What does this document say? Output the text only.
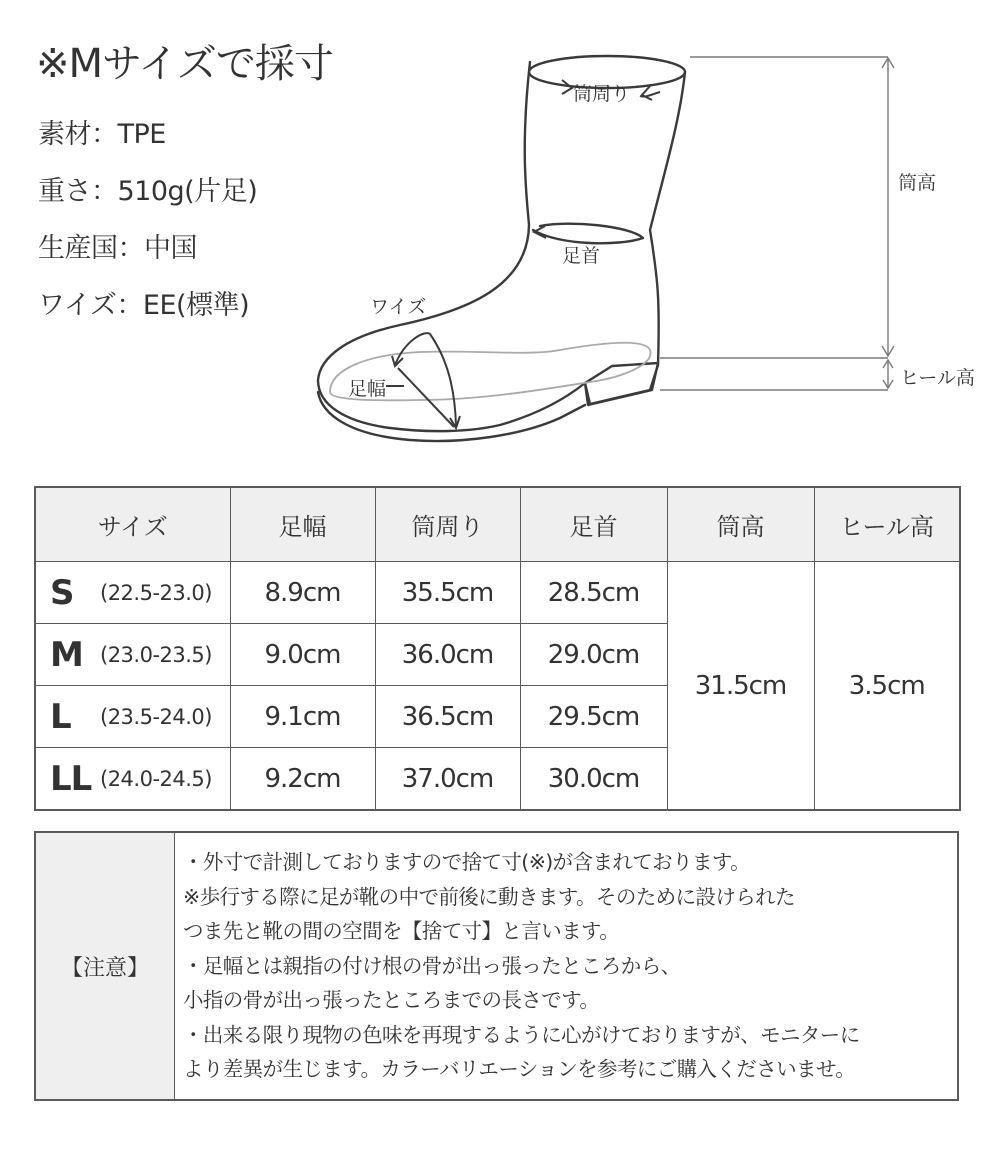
※Mサイズで採寸
素材 ： TPE
重さ ： 510g(片足)
生産国 ： 中国
ワイズ ： EE(標準)
筒周り
足首
ワイズ
足幅
筒高
ヒール高
サイズ	足幅	筒周り	足首	筒高	ヒール高
S (22.5-23.0)	8.9cm	35.5cm	28.5cm	31.5cm	3.5cm
M (23.0-23.5)	9.0cm	36.0cm	29.0cm		
L (23.5-24.0)	9.1cm	36.5cm	29.5cm		
LL (24.0-24.5)	9.2cm	37.0cm	30.0cm		
【注意】
・外寸で計測しておりますので捨て寸(※)が含まれております。
※歩行する際に足が靴の中で前後に動きます。そのために設けられた
つま先と靴の間の空間を【捨て寸】と言います。
・足幅とは親指の付け根の骨が出っ張ったところから、
小指の骨が出っ張ったところまでの長さです。
・出来る限り現物の色味を再現するように心がけておりますが、モニターに
より差異が生じます。カラーバリエーションを参考にご購入くださいませ。
